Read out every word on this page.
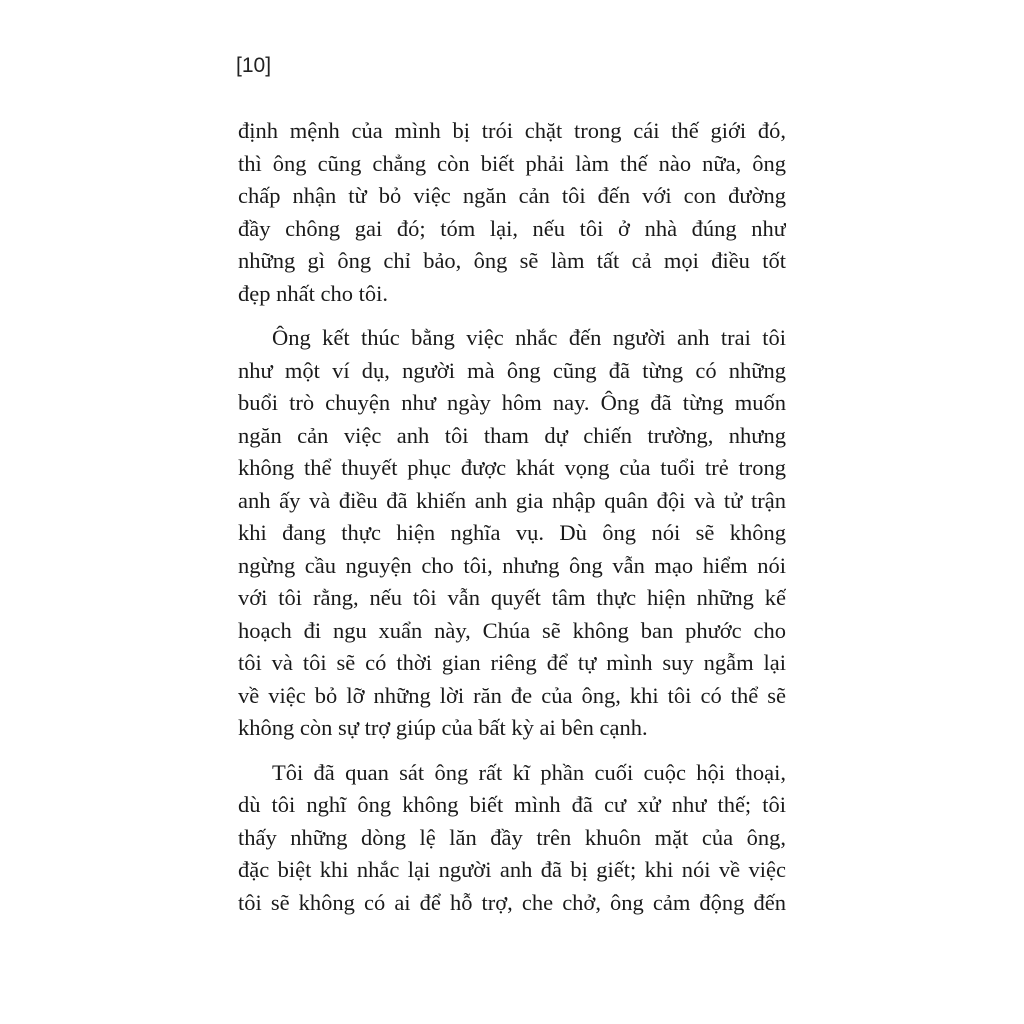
[10]
định mệnh của mình bị trói chặt trong cái thế giới đó,
thì ông cũng chẳng còn biết phải làm thế nào nữa, ông
chấp nhận từ bỏ việc ngăn cản tôi đến với con đường
đầy chông gai đó; tóm lại, nếu tôi ở nhà đúng như
những gì ông chỉ bảo, ông sẽ làm tất cả mọi điều tốt
đẹp nhất cho tôi.
Ông kết thúc bằng việc nhắc đến người anh trai tôi
như một ví dụ, người mà ông cũng đã từng có những
buổi trò chuyện như ngày hôm nay. Ông đã từng muốn
ngăn cản việc anh tôi tham dự chiến trường, nhưng
không thể thuyết phục được khát vọng của tuổi trẻ trong
anh ấy và điều đã khiến anh gia nhập quân đội và tử trận
khi đang thực hiện nghĩa vụ. Dù ông nói sẽ không
ngừng cầu nguyện cho tôi, nhưng ông vẫn mạo hiểm nói
với tôi rằng, nếu tôi vẫn quyết tâm thực hiện những kế
hoạch đi ngu xuẩn này, Chúa sẽ không ban phước cho
tôi và tôi sẽ có thời gian riêng để tự mình suy ngẫm lại
về việc bỏ lỡ những lời răn đe của ông, khi tôi có thể sẽ
không còn sự trợ giúp của bất kỳ ai bên cạnh.
Tôi đã quan sát ông rất kĩ phần cuối cuộc hội thoại,
dù tôi nghĩ ông không biết mình đã cư xử như thế; tôi
thấy những dòng lệ lăn đầy trên khuôn mặt của ông,
đặc biệt khi nhắc lại người anh đã bị giết; khi nói về việc
tôi sẽ không có ai để hỗ trợ, che chở, ông cảm động đến
